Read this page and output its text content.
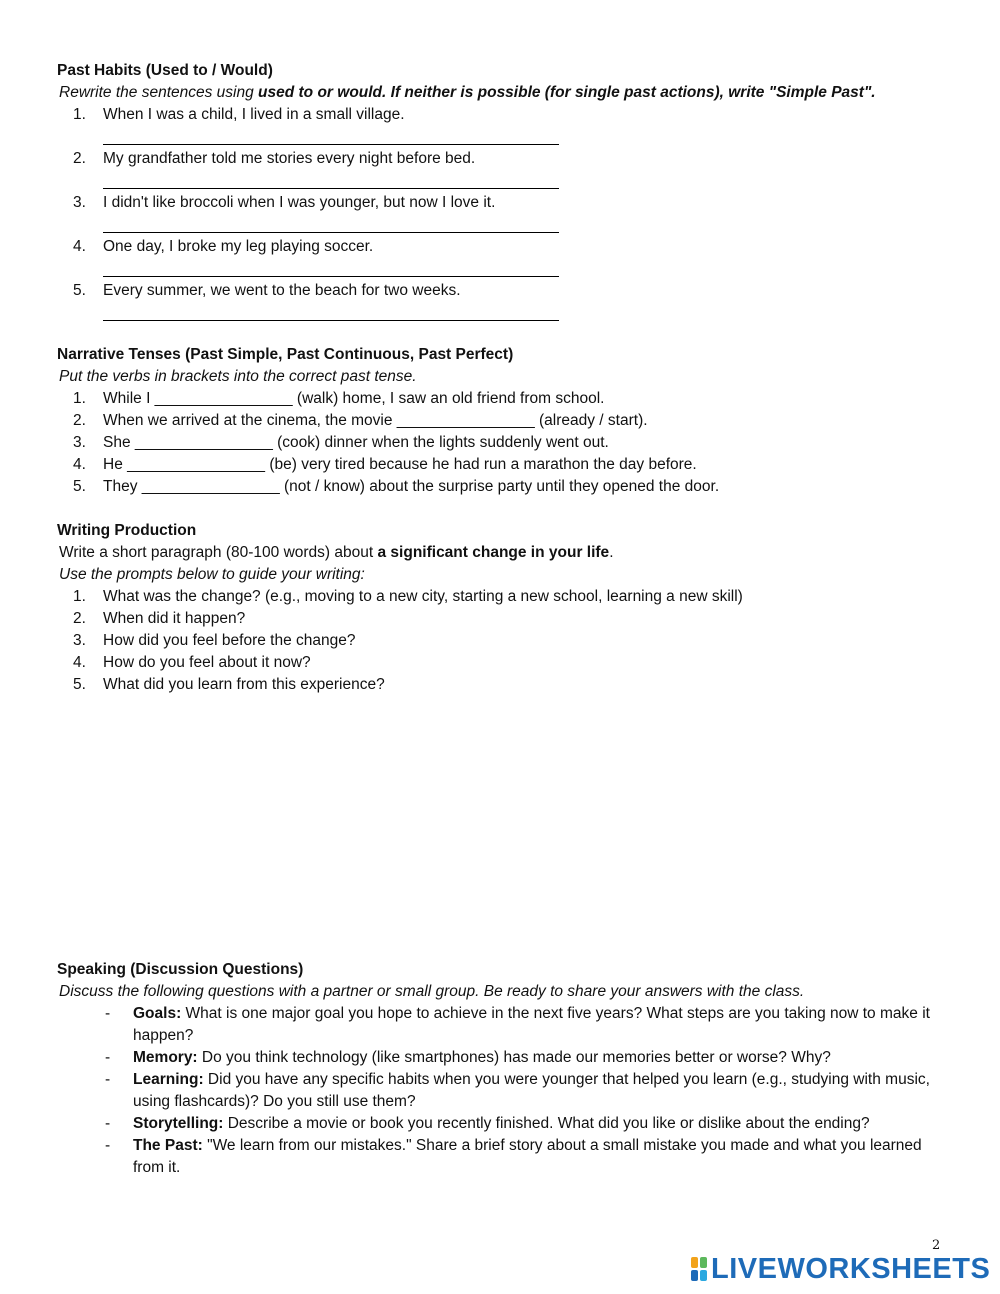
Past Habits (Used to / Would)
Rewrite the sentences using used to or would. If neither is possible (for single past actions), write "Simple Past".
1. When I was a child, I lived in a small village.
2. My grandfather told me stories every night before bed.
3. I didn't like broccoli when I was younger, but now I love it.
4. One day, I broke my leg playing soccer.
5. Every summer, we went to the beach for two weeks.
Narrative Tenses (Past Simple, Past Continuous, Past Perfect)
Put the verbs in brackets into the correct past tense.
1. While I ________________ (walk) home, I saw an old friend from school.
2. When we arrived at the cinema, the movie ________________ (already / start).
3. She ________________ (cook) dinner when the lights suddenly went out.
4. He ________________ (be) very tired because he had run a marathon the day before.
5. They ________________ (not / know) about the surprise party until they opened the door.
Writing Production
Write a short paragraph (80-100 words) about a significant change in your life.
Use the prompts below to guide your writing:
1. What was the change? (e.g., moving to a new city, starting a new school, learning a new skill)
2. When did it happen?
3. How did you feel before the change?
4. How do you feel about it now?
5. What did you learn from this experience?
Speaking (Discussion Questions)
Discuss the following questions with a partner or small group. Be ready to share your answers with the class.
- Goals: What is one major goal you hope to achieve in the next five years? What steps are you taking now to make it happen?
- Memory: Do you think technology (like smartphones) has made our memories better or worse? Why?
- Learning: Did you have any specific habits when you were younger that helped you learn (e.g., studying with music, using flashcards)? Do you still use them?
- Storytelling: Describe a movie or book you recently finished. What did you like or dislike about the ending?
- The Past: "We learn from our mistakes." Share a brief story about a small mistake you made and what you learned from it.
2
LIVEWORKSHEETS
